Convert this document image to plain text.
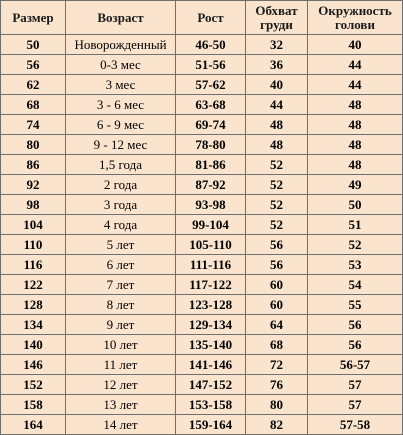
Размер	Возраст	Рост	Обхват груди	Окружность голови
50	Новорожденный	46-50	32	40
56	0-3 мес	51-56	36	44
62	3 мес	57-62	40	44
68	3 - 6 мес	63-68	44	48
74	6 - 9 мес	69-74	48	48
80	9 - 12 мес	78-80	48	48
86	1,5 года	81-86	52	48
92	2 года	87-92	52	49
98	3 года	93-98	52	50
104	4 года	99-104	52	51
110	5 лет	105-110	56	52
116	6 лет	111-116	56	53
122	7 лет	117-122	60	54
128	8 лет	123-128	60	55
134	9 лет	129-134	64	56
140	10 лет	135-140	68	56
146	11 лет	141-146	72	56-57
152	12 лет	147-152	76	57
158	13 лет	153-158	80	57
164	14 лет	159-164	82	57-58
